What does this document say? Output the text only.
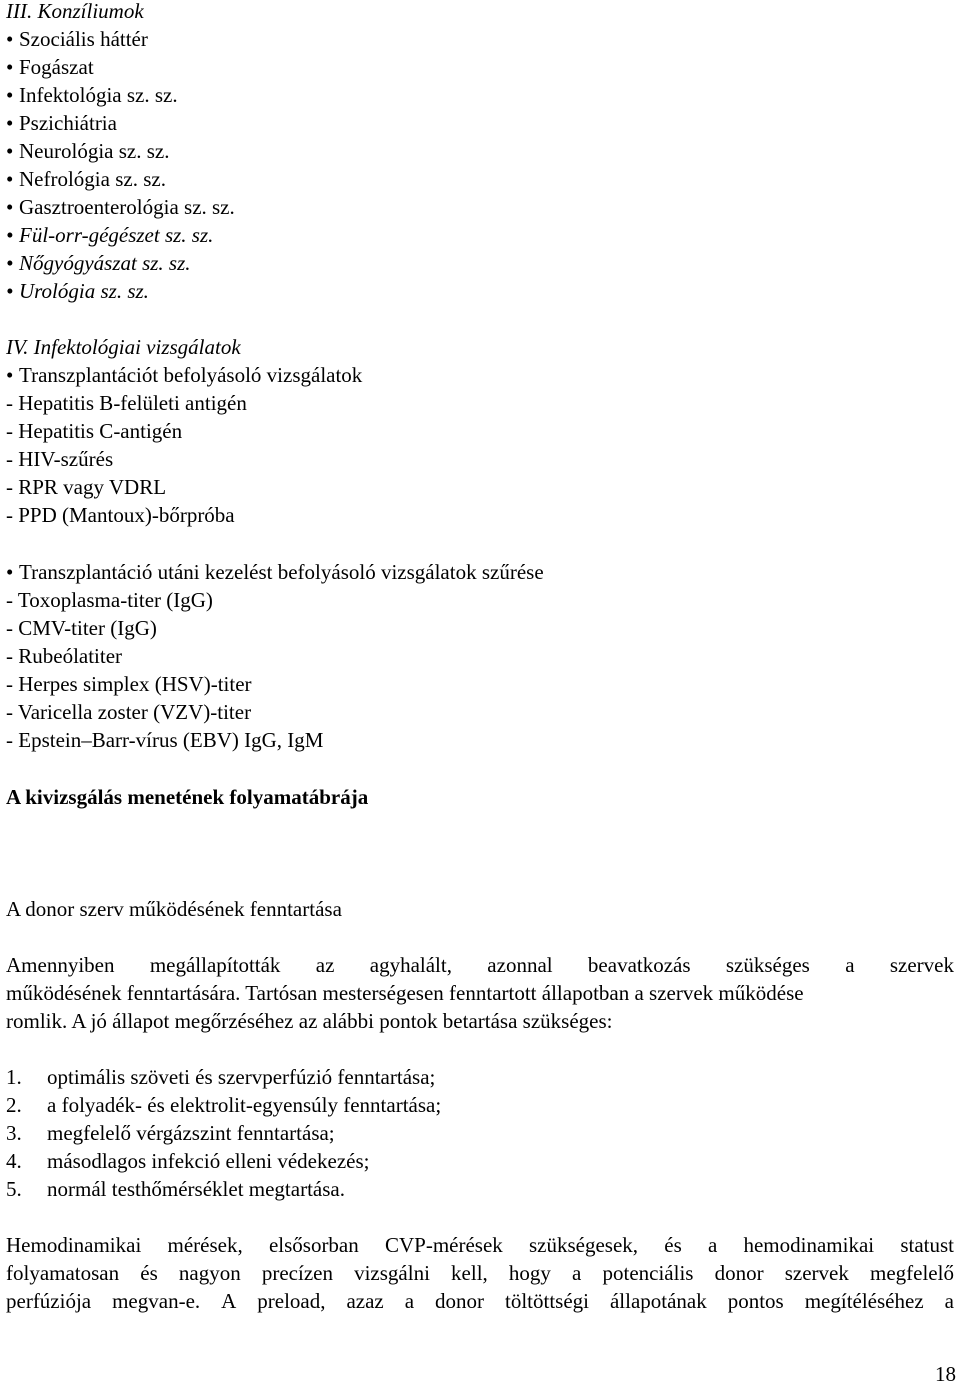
III. Konzíliumok
• Szociális háttér
• Fogászat
• Infektológia sz. sz.
• Pszichiátria
• Neurológia sz. sz.
• Nefrológia sz. sz.
• Gasztroenterológia sz. sz.
• Fül-orr-gégészet sz. sz.
• Nőgyógyászat sz. sz.
• Urológia sz. sz.
IV. Infektológiai vizsgálatok
• Transzplantációt befolyásoló vizsgálatok
- Hepatitis B-felületi antigén
- Hepatitis C-antigén
- HIV-szűrés
- RPR vagy VDRL
- PPD (Mantoux)-bőrpróba
• Transzplantáció utáni kezelést befolyásoló vizsgálatok szűrése
- Toxoplasma-titer (IgG)
- CMV-titer (IgG)
- Rubeólatiter
- Herpes simplex (HSV)-titer
- Varicella zoster (VZV)-titer
- Epstein–Barr-vírus (EBV) IgG, IgM
A kivizsgálás menetének folyamatábrája
A donor szerv működésének fenntartása
Amennyiben megállapították az agyhalált, azonnal beavatkozás szükséges a szervek
működésének fenntartására. Tartósan mesterségesen fenntartott állapotban a szervek működése
romlik. A jó állapot megőrzéséhez az alábbi pontok betartása szükséges:
1. optimális szöveti és szervperfúzió fenntartása;
2. a folyadék- és elektrolit-egyensúly fenntartása;
3. megfelelő vérgázszint fenntartása;
4. másodlagos infekció elleni védekezés;
5. normál testhőmérséklet megtartása.
Hemodinamikai mérések, elsősorban CVP-mérések szükségesek, és a hemodinamikai statust
folyamatosan és nagyon precízen vizsgálni kell, hogy a potenciális donor szervek megfelelő
perfúziója megvan-e. A preload, azaz a donor töltöttségi állapotának pontos megítéléséhez a
18
